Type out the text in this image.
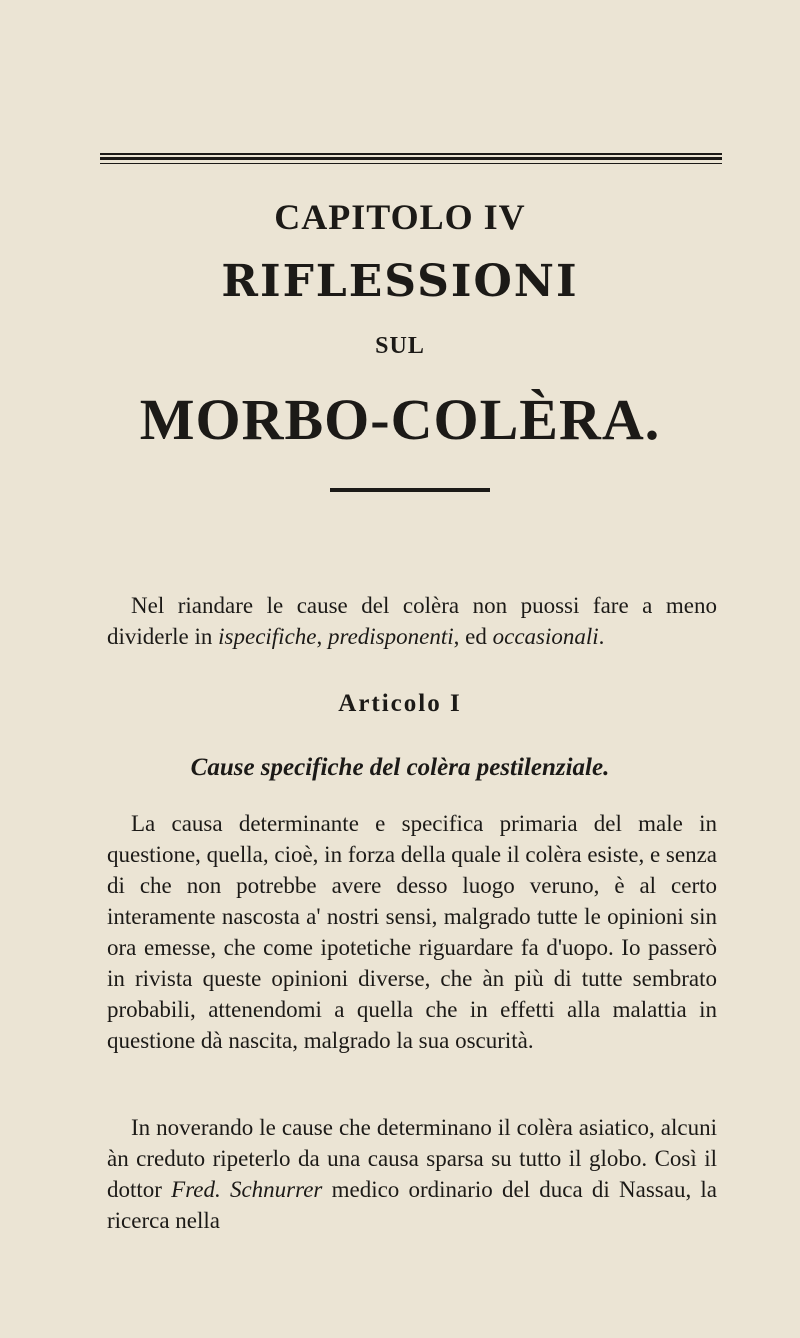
CAPITOLO IV
RIFLESSIONI
SUL
MORBO-COLÈRA.
Nel riandare le cause del colèra non puossi fare a meno dividerle in ispecifiche, predisponenti, ed occasionali.
Articolo I
Cause specifiche del colèra pestilenziale.
La causa determinante e specifica primaria del male in questione, quella, cioè, in forza della quale il colèra esiste, e senza di che non potrebbe avere desso luogo veruno, è al certo interamente nascosta a' nostri sensi, malgrado tutte le opinioni sin ora emesse, che come ipotetiche riguardare fa d'uopo. Io passerò in rivista queste opinioni diverse, che àn più di tutte sembrato probabili, attenendomi a quella che in effetti alla malattia in questione dà nascita, malgrado la sua oscurità.
In noverando le cause che determinano il colèra asiatico, alcuni àn creduto ripeterlo da una causa sparsa su tutto il globo. Così il dottor Fred. Schnurrer medico ordinario del duca di Nassau, la ricerca nella
